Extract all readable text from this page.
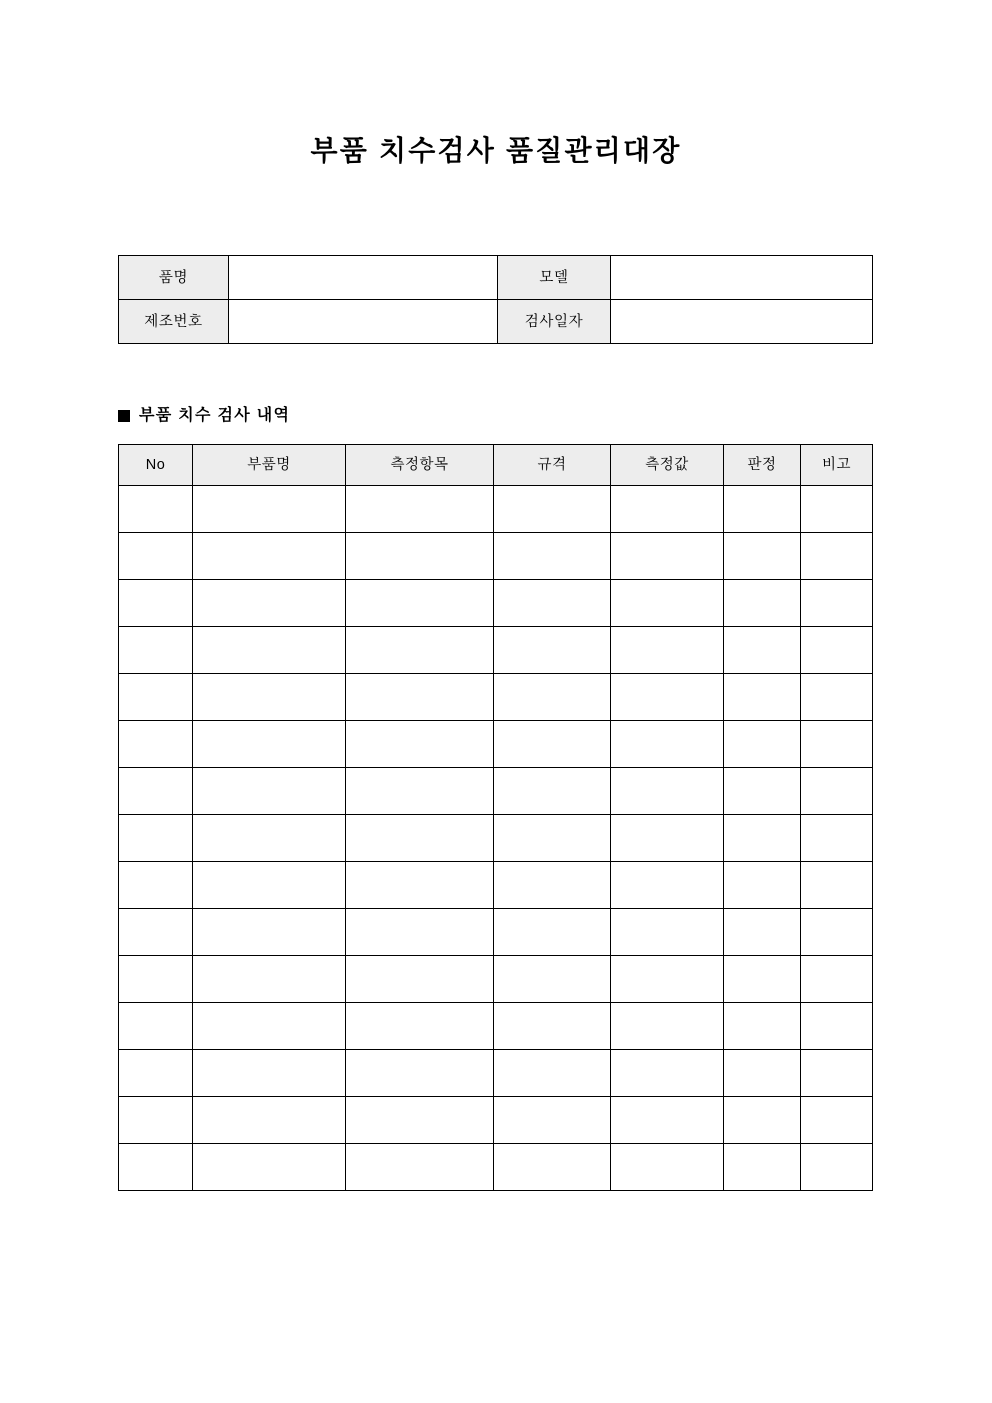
부품 치수검사 품질관리대장
품명		모델	
제조번호		검사일자	
부품 치수 검사 내역
No	부품명	측정항목	규격	측정값	판정	비고
